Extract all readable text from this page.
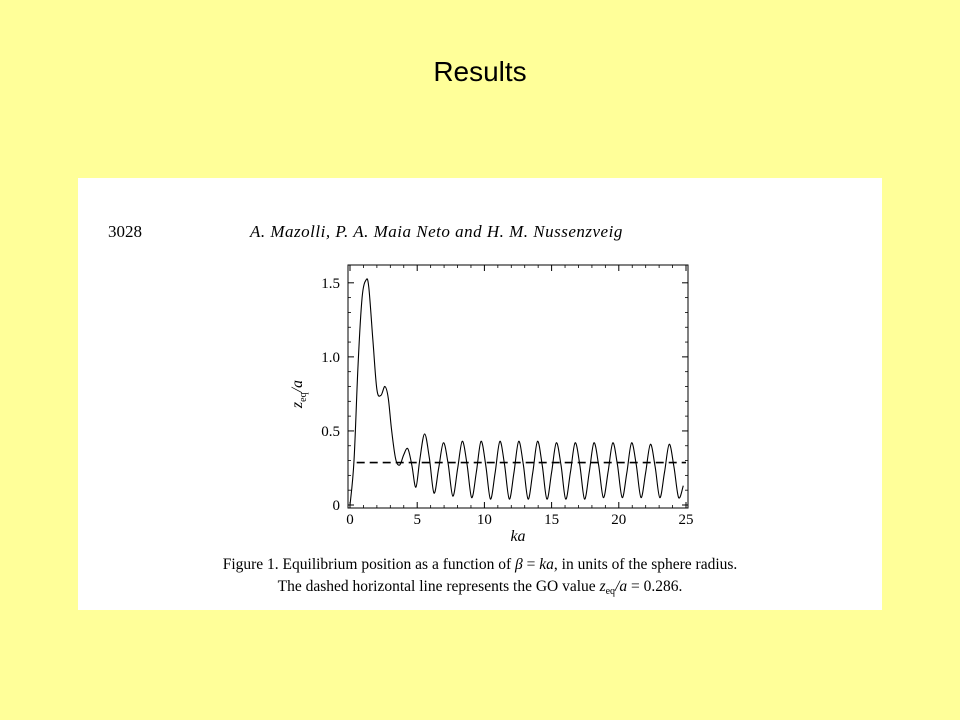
Results
3028	A. Mazolli, P. A. Maia Neto and H. M. Nussenzveig
0	5	10	15	20	25
0
0.5
1.0
1.5
ka
$z_{eq}/a$
Figure 1. Equilibrium position as a function of β = ka, in units of the sphere radius.
The dashed horizontal line represents the GO value $z_{eq}/a = 0.286$.
